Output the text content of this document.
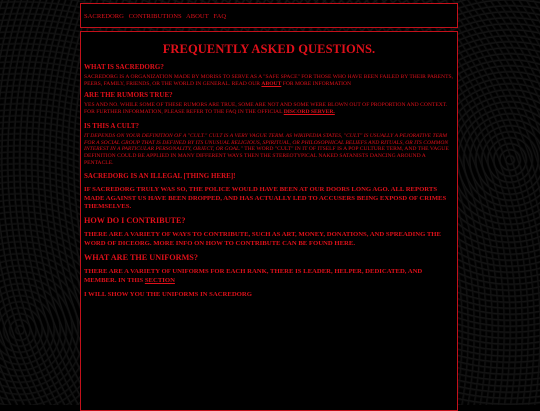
SACREDORG CONTRIBUTIONS ABOUT FAQ
FREQUENTLY ASKED QUESTIONS.
WHAT IS SACREDORG?
SACREDORG IS A ORGANIZATION MADE BY MORISS TO SERVE AS A "SAFE SPACE" FOR THOSE WHO HAVE BEEN FAILED BY THEIR PARENTS, PEERS, FAMILY, FRIENDS, OR THE WORLD IN GENERAL. READ OUR ABOUT FOR MORE INFORMATION
ARE THE RUMORS TRUE?
YES AND NO. WHILE SOME OF THESE RUMORS ARE TRUE, SOME ARE NOT AND SOME WERE BLOWN OUT OF PROPORTION AND CONTEXT. FOR FURTHER INFORMATION, PLEASE REFER TO THE FAQ IN THE OFFICIAL DISCORD SERVER.
IS THIS A CULT?
IT DEPENDS ON YOUR DEFINITION OF A "CULT." CULT IS A VERY VAGUE TERM. AS WIKIPEDIA STATES, "CULT" IS USUALLY A PEJORATIVE TERM FOR A SOCIAL GROUP THAT IS DEFINED BY ITS UNUSUAL RELIGIOUS, SPIRITUAL, OR PHILOSOPHICAL BELIEFS AND RITUALS, OR ITS COMMON INTEREST IN A PARTICULAR PERSONALITY, OBJECT, OR GOAL." THE WORD "CULT" IN IT OF ITSELF IS A POP CULTURE TERM, AND THE VAGUE DEFINITION COULD BE APPLIED IN MANY DIFFERENT WAYS THEN THE STEREOTYPICAL NAKED SATANISTS DANCING AROUND A PENTACLE.
SACREDORG IS AN ILLEGAL [THING HERE]!
IF SACREDORG TRULY WAS SO, THE POLICE WOULD HAVE BEEN AT OUR DOORS LONG AGO. ALL REPORTS MADE AGAINST US HAVE BEEN DROPPED, AND HAS ACTUALLY LED TO ACCUSERS BEING EXPOSD OF CRIMES THEMSELVES.
HOW DO I CONTRIBUTE?
THERE ARE A VARIETY OF WAYS TO CONTRIBUTE, SUCH AS ART, MONEY, DONATIONS, AND SPREADING THE WORD OF DICEORG. MORE INFO ON HOW TO CONTRIBUTE CAN BE FOUND HERE.
WHAT ARE THE UNIFORMS?
THERE ARE A VARIETY OF UNIFORMS FOR EACH RANK, THERE IS LEADER, HELPER, DEDICATED, AND MEMBER. IN THIS SECTION
I WILL SHOW YOU THE UNIFORMS IN SACREDORG
